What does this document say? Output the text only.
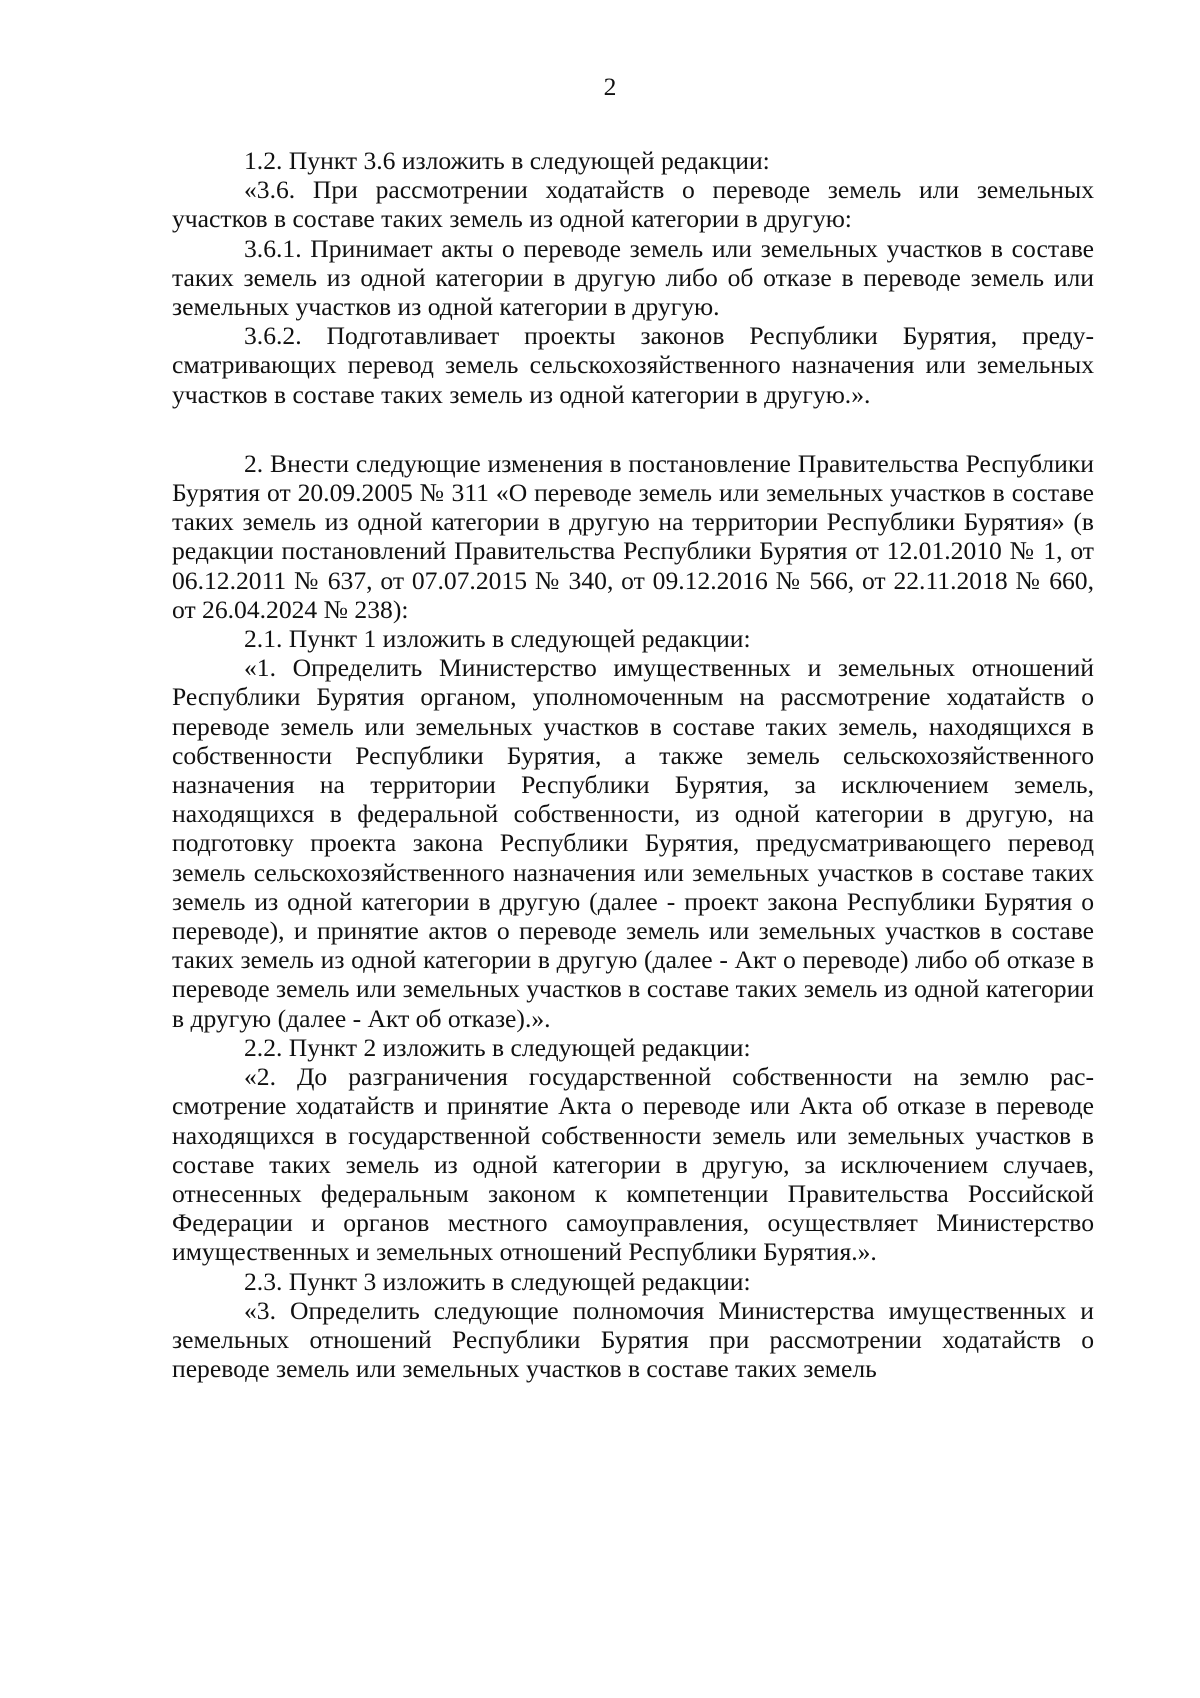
2

1.2. Пункт 3.6 изложить в следующей редакции:

«3.6. При рассмотрении ходатайств о переводе земель или земельных участков в составе таких земель из одной категории в другую:

3.6.1. Принимает акты о переводе земель или земельных участков в составе таких земель из одной категории в другую либо об отказе в переводе земель или земельных участков из одной категории в другую.

3.6.2. Подготавливает проекты законов Республики Бурятия, предусматривающих перевод земель сельскохозяйственного назначения или земельных участков в составе таких земель из одной категории в другую.».

2. Внести следующие изменения в постановление Правительства Республики Бурятия от 20.09.2005 № 311 «О переводе земель или земельных участков в составе таких земель из одной категории в другую на территории Республики Бурятия» (в редакции постановлений Правительства Республики Бурятия от 12.01.2010 № 1, от 06.12.2011 № 637, от 07.07.2015 № 340, от 09.12.2016 № 566, от 22.11.2018 № 660, от 26.04.2024 № 238):

2.1. Пункт 1 изложить в следующей редакции:

«1. Определить Министерство имущественных и земельных отношений Республики Бурятия органом, уполномоченным на рассмотрение ходатайств о переводе земель или земельных участков в составе таких земель, находящихся в собственности Республики Бурятия, а также земель сельскохозяйственного назначения на территории Республики Бурятия, за исключением земель, находящихся в федеральной собственности, из одной категории в другую, на подготовку проекта закона Республики Бурятия, предусматривающего перевод земель сельскохозяйственного назначения или земельных участков в составе таких земель из одной категории в другую (далее - проект закона Республики Бурятия о переводе), и принятие актов о переводе земель или земельных участков в составе таких земель из одной категории в другую (далее - Акт о переводе) либо об отказе в переводе земель или земельных участков в составе таких земель из одной категории в другую (далее - Акт об отказе).».

2.2. Пункт 2 изложить в следующей редакции:

«2. До разграничения государственной собственности на землю рассмотрение ходатайств и принятие Акта о переводе или Акта об отказе в переводе находящихся в государственной собственности земель или земельных участков в составе таких земель из одной категории в другую, за исключением случаев, отнесенных федеральным законом к компетенции Правительства Российской Федерации и органов местного самоуправления, осуществляет Министерство имущественных и земельных отношений Республики Бурятия.».

2.3. Пункт 3 изложить в следующей редакции:

«3. Определить следующие полномочия Министерства имущественных и земельных отношений Республики Бурятия при рассмотрении ходатайств о переводе земель или земельных участков в составе таких земель
